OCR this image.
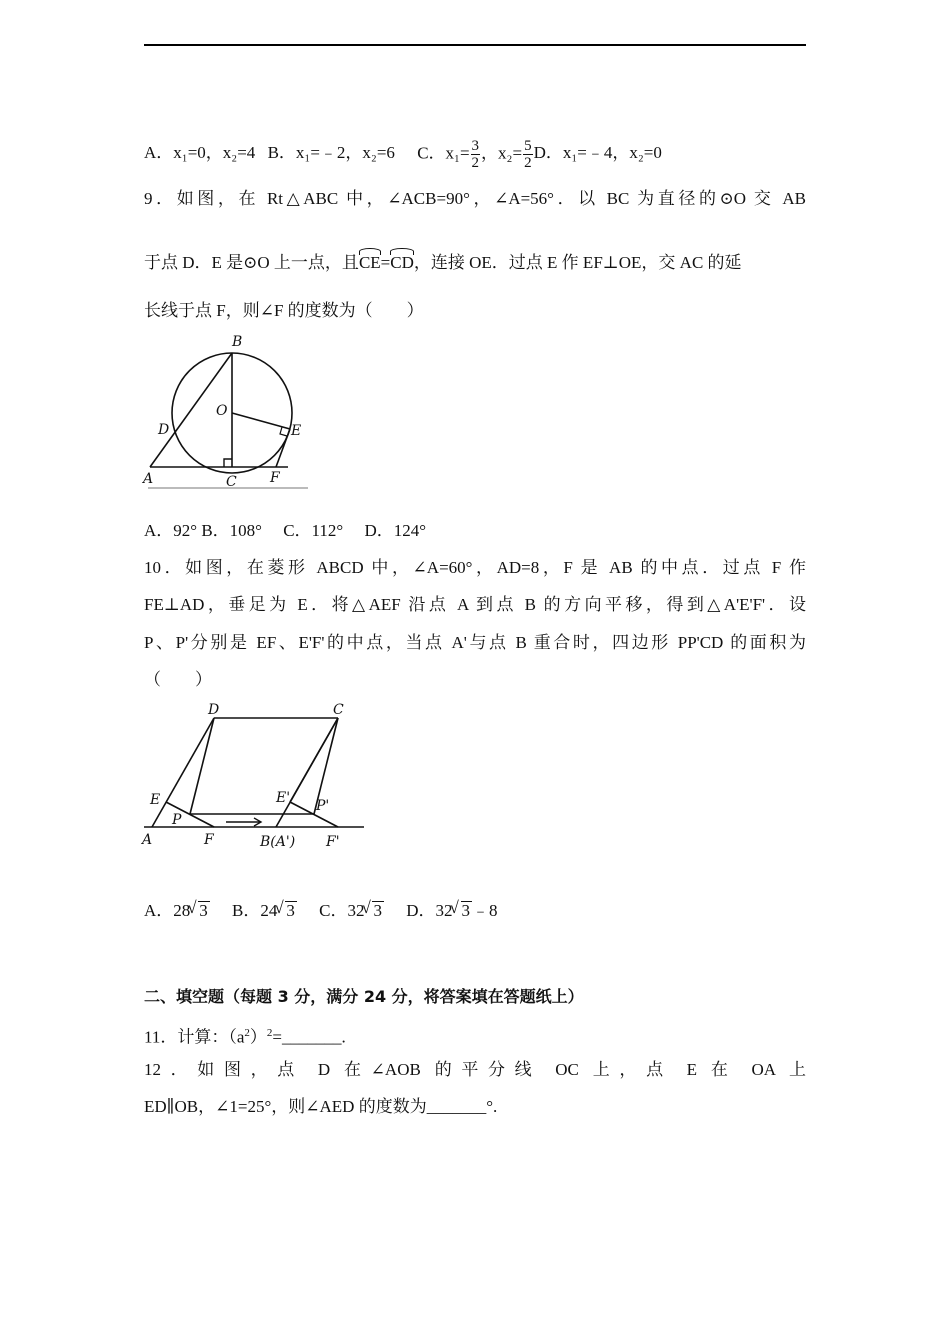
A．x₁=0，x₂=4 B．x₁=﹣2，x₂=6 C．$x_1= \frac{3}{2}$ ，$x_2= \frac{5}{2}$ D．x₁=﹣4，x₂=0
9．如图，在 Rt△ABC 中，∠ACB=90°，∠A=56°．以 BC 为直径的⊙O 交 AB
于点 D．E 是⊙O 上一点，且CE=CD，连接 OE．过点 E 作 EF⊥OE，交 AC 的延
长线于点 F，则∠F 的度数为（　　）
B
O
D	E
A	C F
A．92° B．108°　 C．112°　 D．124°
10．如图，在菱形 ABCD 中，∠A=60°，AD=8，F 是 AB 的中点．过点 F 作
FE⊥AD，垂足为 E．将△AEF 沿点 A 到点 B 的方向平移，得到△A'E'F'．设
P、P'分别是 EF、E'F'的中点，当点 A'与点 B 重合时，四边形 PP'CD 的面积为
（　　）
D	C
E	E' P'
P
A	F	B(A') F'
A．28 √ 3 B．24 √ 3 C．32 √ 3 D．32 √ 3 ﹣8
二、填空题（每题 3 分，满分 24 分，将答案填在答题纸上）
11．计算：$(a^2)^2=\_\_\_\_\_\_\_$.
12．如图，点 D 在∠AOB 的平分线 OC 上，点 E 在 OA 上
ED∥OB，∠1=25°，则∠AED 的度数为_______°.
